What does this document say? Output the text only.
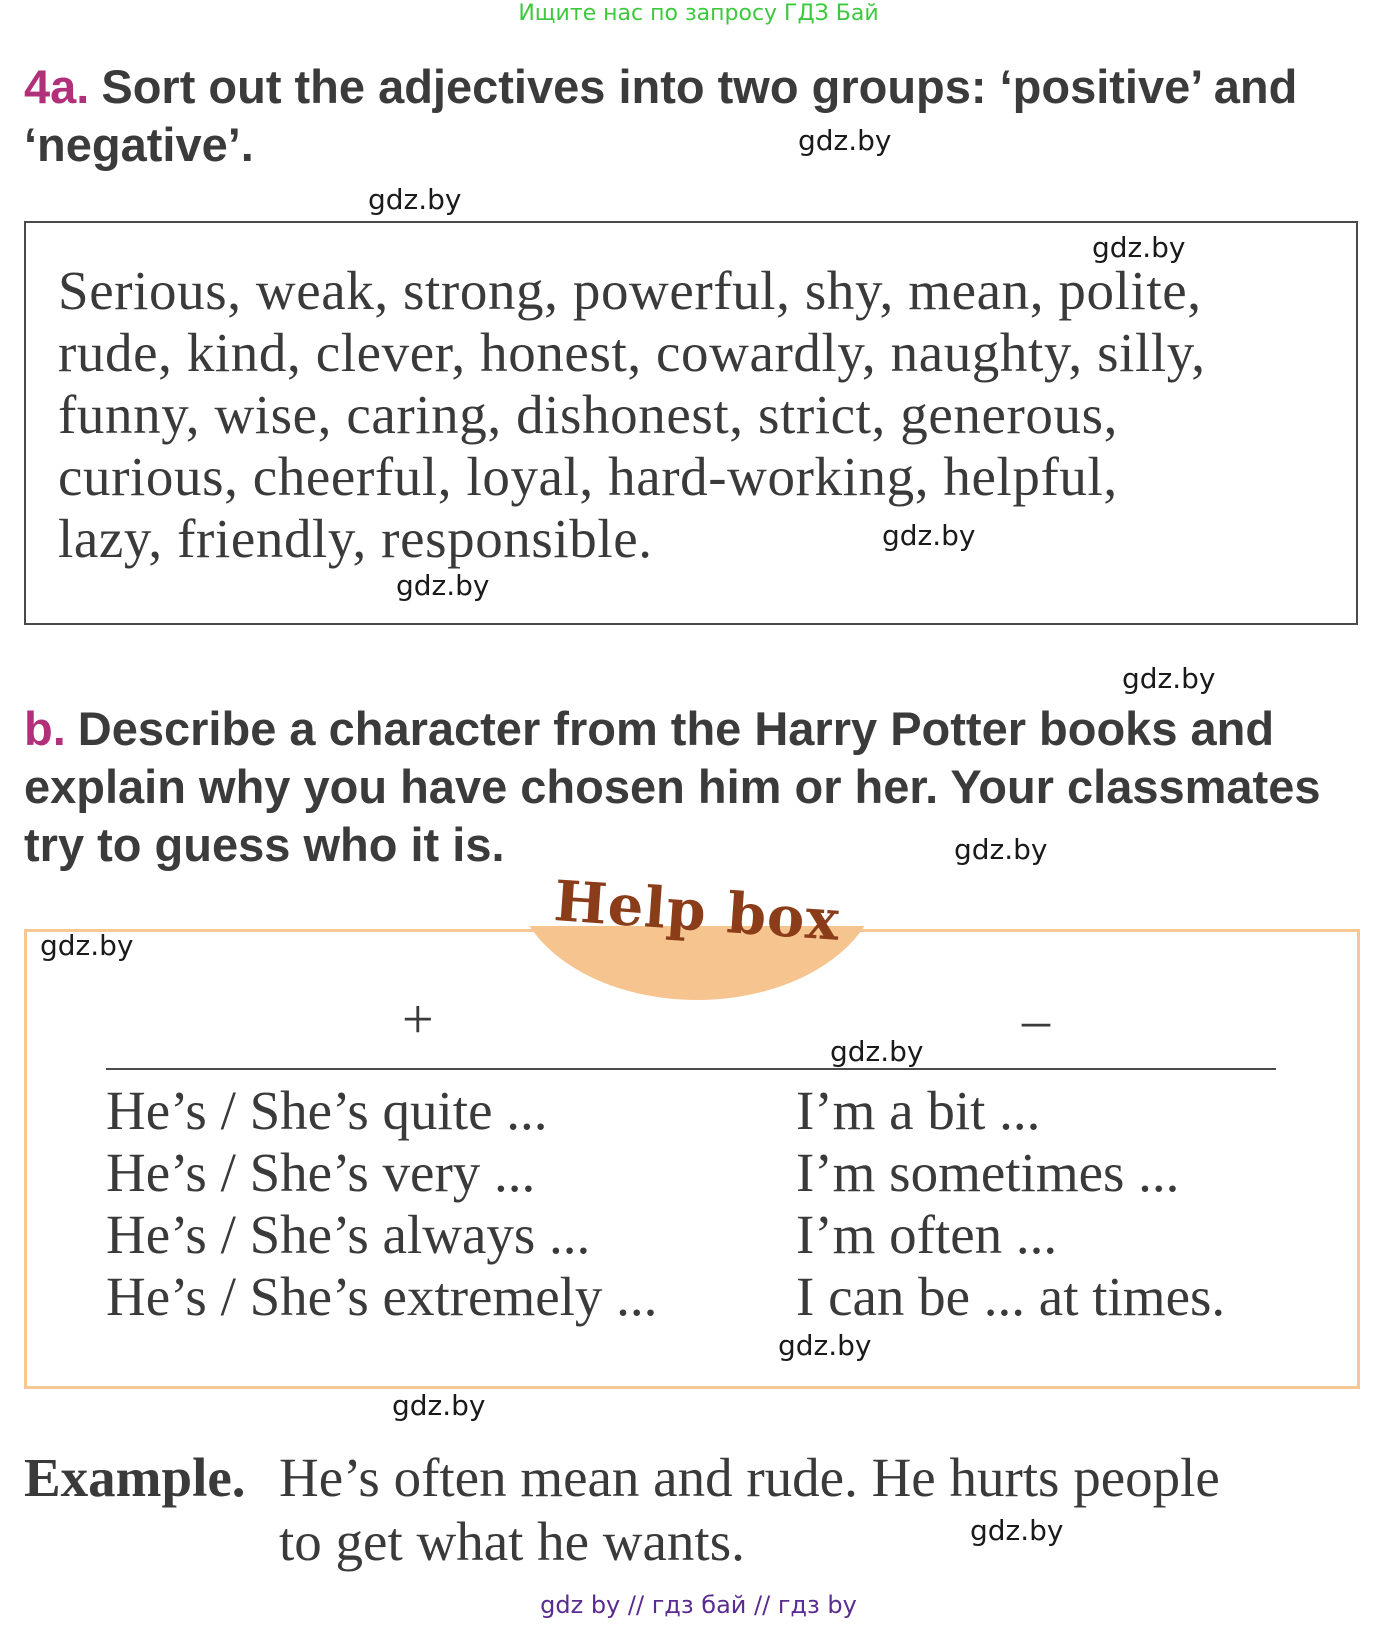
Ищите нас по запросу ГДЗ Бай
4a. Sort out the adjectives into two groups: ‘positive’ and ‘negative’.
Serious, weak, strong, powerful, shy, mean, polite,
rude, kind, clever, honest, cowardly, naughty, silly,
funny, wise, caring, dishonest, strict, generous,
curious, cheerful, loyal, hard-working, helpful,
lazy, friendly, responsible.
b. Describe a character from the Harry Potter books and explain why you have chosen him or her. Your classmates try to guess who it is.
Help box
+	–
He’s / She’s quite ...
He’s / She’s very ...
He’s / She’s always ...
He’s / She’s extremely ...
I’m a bit ...
I’m sometimes ...
I’m often ...
I can be ... at times.
Example. He’s often mean and rude. He hurts people
to get what he wants.
gdz.by
gdz.by
gdz.by
gdz.by
gdz.by
gdz.by
gdz.by
gdz.by
gdz.by
gdz.by
gdz.by
gdz.by
gdz by // гдз бай // гдз by
